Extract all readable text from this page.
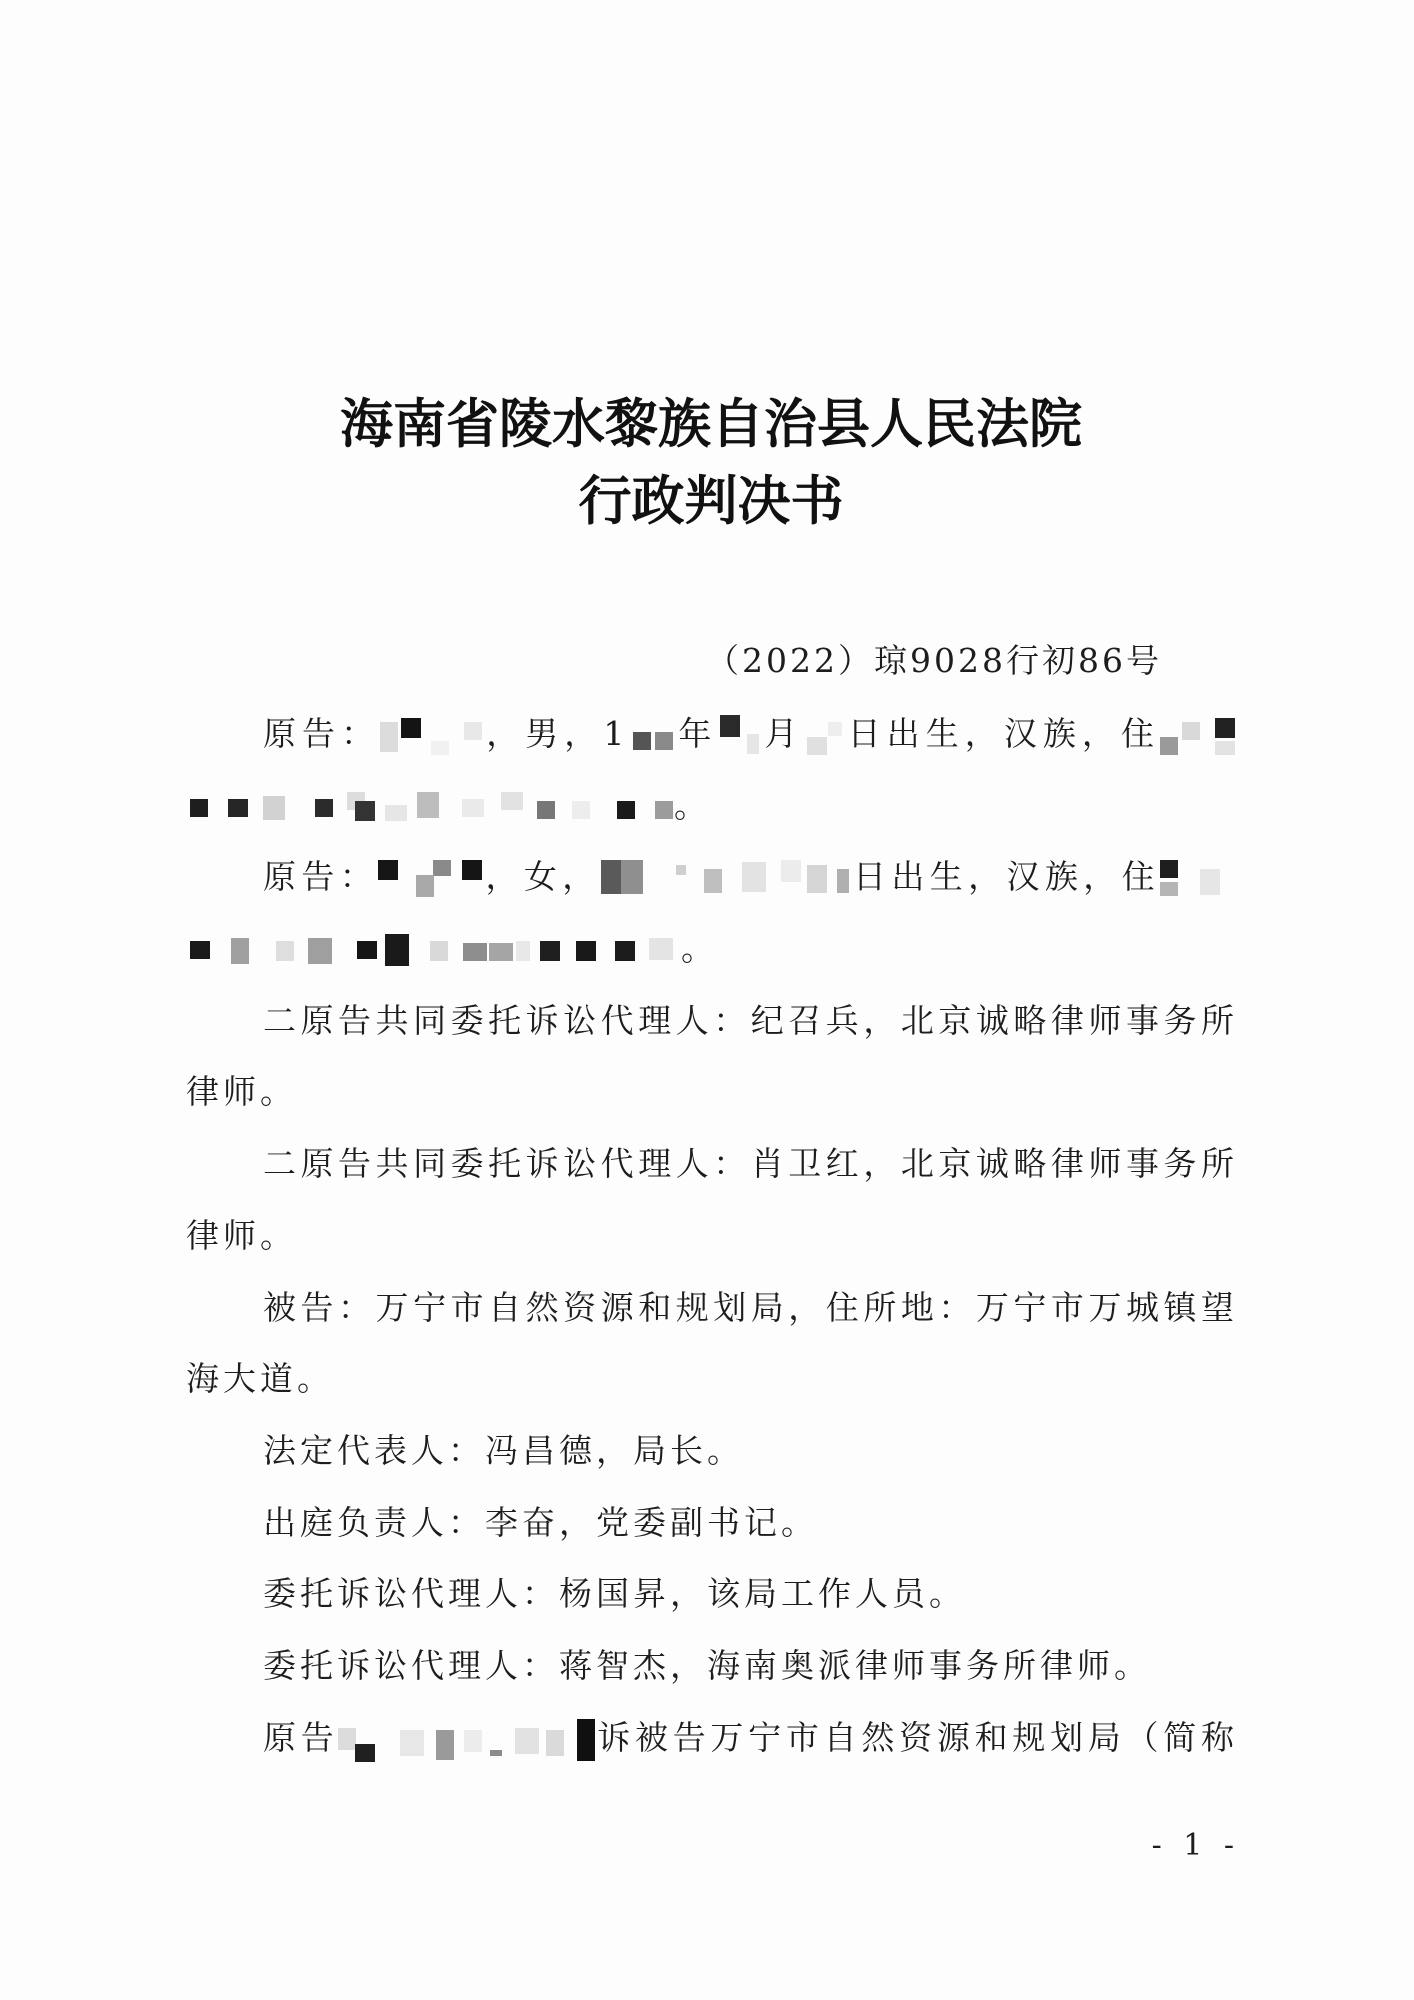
海南省陵水黎族自治县人民法院
行政判决书
（2022）琼9028行初86号
原告：	，男，1 年 月 日出生，汉族，住
。
原告：	，女，	日出生，汉族，住
。
二原告共同委托诉讼代理人：纪召兵，北京诚略律师事务所
律师。
二原告共同委托诉讼代理人：肖卫红，北京诚略律师事务所
律师。
被告：万宁市自然资源和规划局，住所地：万宁市万城镇望
海大道。
法定代表人：冯昌德，局长。
出庭负责人：李奋，党委副书记。
委托诉讼代理人：杨国昇，该局工作人员。
委托诉讼代理人：蒋智杰，海南奥派律师事务所律师。
原告	诉被告万宁市自然资源和规划局（简称
- 1 -
